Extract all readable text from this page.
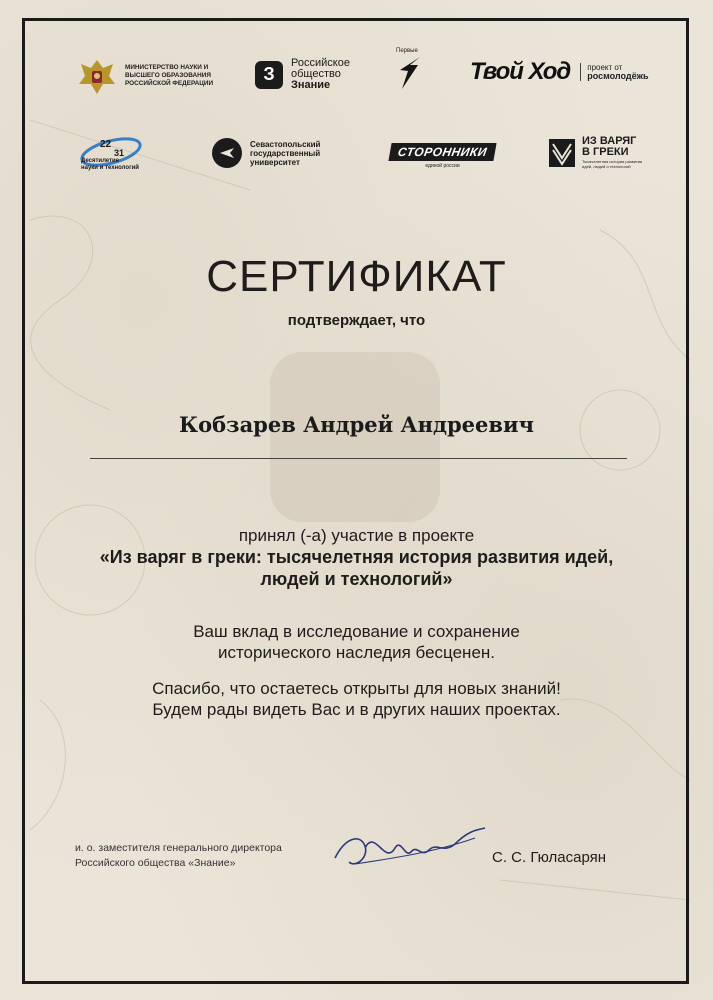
МИНИСТЕРСТВО НАУКИ И ВЫСШЕГО ОБРАЗОВАНИЯ РОССИЙСКОЙ ФЕДЕРАЦИИ	З
Российское
общество
Знание
Первые
Твой Ход проект от
росмолодёжь
22
31
Десятилетие
науки и технологий
Севастопольский государственный университет
СТОРОННИКИ
единой россии
ИЗ ВАРЯГ
В ГРЕКИ
Тысячелетняя история развития идей, людей и технологий
СЕРТИФИКАТ
подтверждает, что
Кобзарев Андрей Андреевич
принял (-а) участие в проекте
«Из варяг в греки: тысячелетняя история развития идей,
людей и технологий»
Ваш вклад в исследование и сохранение
исторического наследия бесценен.
Спасибо, что остаетесь открыты для новых знаний!
Будем рады видеть Вас и в других наших проектах.
и. о. заместителя генерального директора
Российского общества «Знание»	С. С. Гюласарян
